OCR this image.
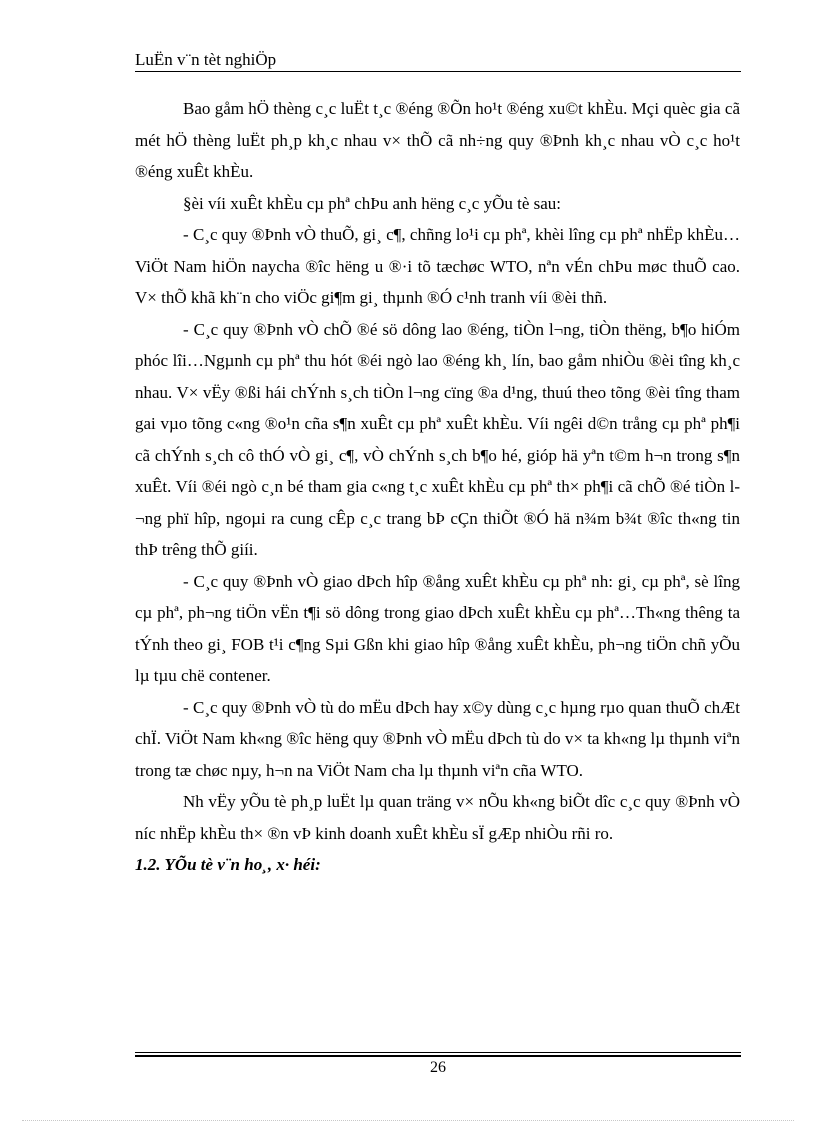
LuËn v¨n tèt nghiÖp

Bao gåm hÖ thèng c¸c luËt t¸c ®éng ®Õn ho¹t ®éng xu©t khÈu. Mçi quèc gia cã mét hÖ thèng luËt ph¸p kh¸c nhau v× thÕ cã nh÷ng quy ®Þnh kh¸c nhau vÒ c¸c ho¹t ®éng xuÊt khÈu.

§èi víi xuÊt khÈu cµ phª chÞu anh hëng c¸c yÕu tè sau:

- C¸c quy ®Þnh vÒ thuÕ, gi¸ c¶, chñng lo¹i cµ phª, khèi lîng cµ phª nhËp khÈu…ViÖt Nam hiÖn naycha ®îc hëng u ®·i tõ tæchøc WTO, nªn vÉn chÞu møc thuÕ cao. V× thÕ khã kh¨n cho viÖc gi¶m gi¸ thµnh ®Ó c¹nh tranh víi ®èi thñ.

- C¸c quy ®Þnh vÒ chÕ ®é sö dông lao ®éng, tiÒn l¬ng, tiÒn thëng, b¶o hiÓm phóc lîi…Ngµnh cµ phª thu hót ®éi ngò lao ®éng kh¸ lín, bao gåm nhiÒu ®èi tîng kh¸c nhau. V× vËy ®ßi hái chÝnh s¸ch tiÒn l¬ng cïng ®a d¹ng, thuú theo tõng ®èi tîng tham gai vµo tõng c«ng ®o¹n cña s¶n xuÊt cµ phª xuÊt khÈu. Víi ngêi d©n trång cµ phª ph¶i cã chÝnh s¸ch cô thÓ vÒ gi¸ c¶, vÒ chÝnh s¸ch b¶o hé, gióp hä yªn t©m h¬n trong s¶n xuÊt. Víi ®éi ngò c¸n bé tham gia c«ng t¸c xuÊt khÈu cµ phª th× ph¶i cã chÕ ®é tiÒn l¬ng phï hîp, ngoµi ra cung cÊp c¸c trang bÞ cÇn thiÕt ®Ó hä n¾m b¾t ®îc th«ng tin thÞ trêng thÕ giíi.

- C¸c quy ®Þnh vÒ giao dÞch hîp ®ång xuÊt khÈu cµ phª nh: gi¸ cµ phª, sè lîng cµ phª, ph¬ng tiÖn vËn t¶i sö dông trong giao dÞch xuÊt khÈu cµ phª…Th«ng thêng ta tÝnh theo gi¸ FOB t¹i c¶ng Sµi Gßn khi giao hîp ®ång xuÊt khÈu, ph¬ng tiÖn chñ yÕu lµ tµu chë contener.

- C¸c quy ®Þnh vÒ tù do mËu dÞch hay x©y dùng c¸c hµng rµo quan thuÕ chÆt chÏ. ViÖt Nam kh«ng ®îc hëng quy ®Þnh vÒ mËu dÞch tù do v× ta kh«ng lµ thµnh viªn trong tæ chøc nµy, h¬n na ViÖt Nam cha lµ thµnh viªn cña WTO.

Nh vËy yÕu tè ph¸p luËt lµ quan träng v× nÕu kh«ng biÕt dîc c¸c quy ®Þnh vÒ níc nhËp khÈu th× ®n vÞ kinh doanh xuÊt khÈu sÏ gÆp nhiÒu rñi ro.

1.2. YÕu tè v¨n ho¸, x· héi:
26
